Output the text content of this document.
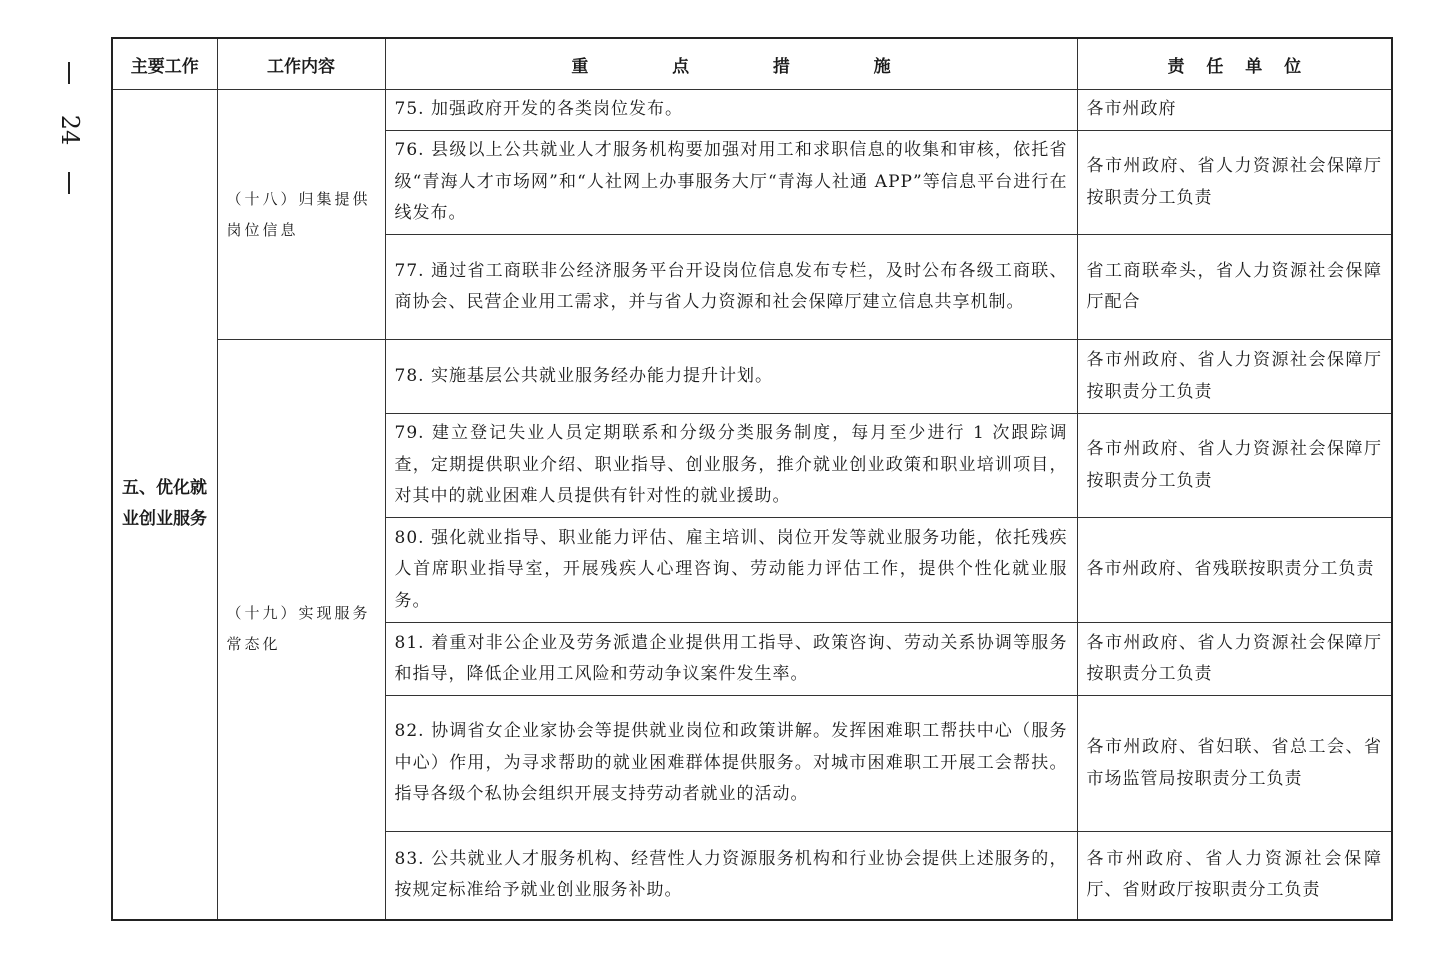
24
主要工作	工作内容	重 点 措 施	责 任 单 位

五、优化就业创业服务	（十八）归集提供岗位信息	75. 加强政府开发的各类岗位发布。	各市州政府
		76. 县级以上公共就业人才服务机构要加强对用工和求职信息的收集和审核，依托省级“青海人才市场网”和“人社网上办事服务大厅“青海人社通 APP”等信息平台进行在线发布。	各市州政府、省人力资源社会保障厅按职责分工负责
		77. 通过省工商联非公经济服务平台开设岗位信息发布专栏，及时公布各级工商联、商协会、民营企业用工需求，并与省人力资源和社会保障厅建立信息共享机制。	省工商联牵头，省人力资源社会保障厅配合
	（十九）实现服务常态化	78. 实施基层公共就业服务经办能力提升计划。	各市州政府、省人力资源社会保障厅按职责分工负责
		79. 建立登记失业人员定期联系和分级分类服务制度，每月至少进行 1 次跟踪调查，定期提供职业介绍、职业指导、创业服务，推介就业创业政策和职业培训项目，对其中的就业困难人员提供有针对性的就业援助。	各市州政府、省人力资源社会保障厅按职责分工负责
		80. 强化就业指导、职业能力评估、雇主培训、岗位开发等就业服务功能，依托残疾人首席职业指导室，开展残疾人心理咨询、劳动能力评估工作，提供个性化就业服务。	各市州政府、省残联按职责分工负责
		81. 着重对非公企业及劳务派遣企业提供用工指导、政策咨询、劳动关系协调等服务和指导，降低企业用工风险和劳动争议案件发生率。	各市州政府、省人力资源社会保障厅按职责分工负责
		82. 协调省女企业家协会等提供就业岗位和政策讲解。发挥困难职工帮扶中心（服务中心）作用，为寻求帮助的就业困难群体提供服务。对城市困难职工开展工会帮扶。指导各级个私协会组织开展支持劳动者就业的活动。	各市州政府、省妇联、省总工会、省市场监管局按职责分工负责
		83. 公共就业人才服务机构、经营性人力资源服务机构和行业协会提供上述服务的，按规定标准给予就业创业服务补助。	各市州政府、省人力资源社会保障厅、省财政厅按职责分工负责
